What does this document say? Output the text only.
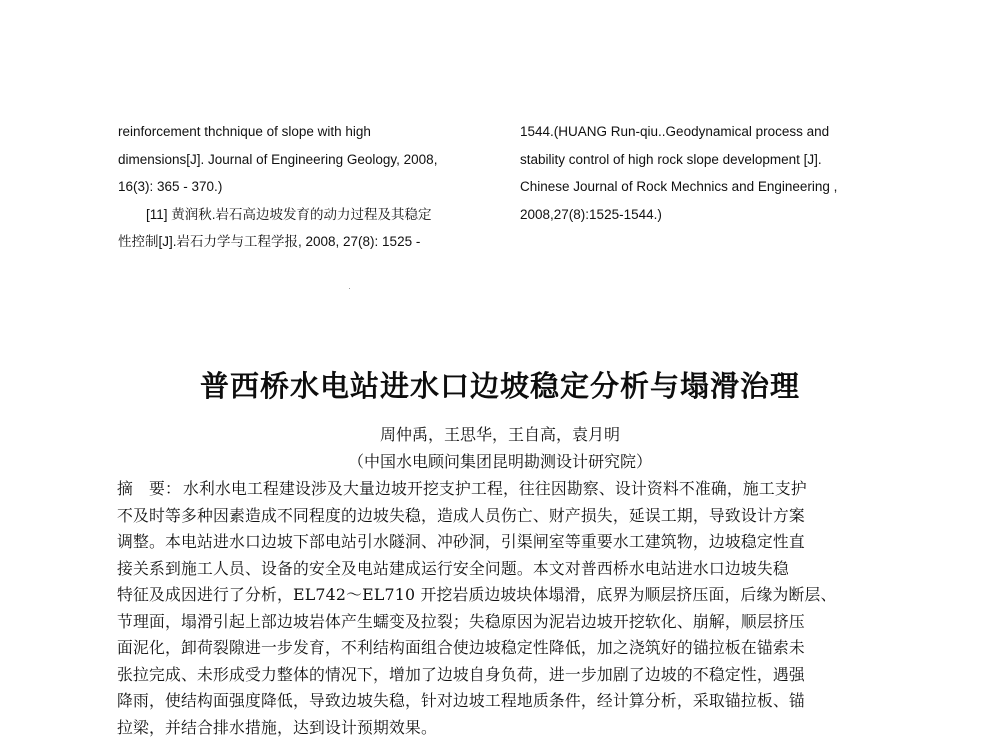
reinforcement thchnique of slope with high
dimensions[J]. Journal of Engineering Geology, 2008,
16(3): 365 - 370.)
[11] 黄润秋.岩石高边坡发育的动力过程及其稳定
性控制[J].岩石力学与工程学报, 2008, 27(8): 1525 -
1544.(HUANG Run-qiu..Geodynamical process and
stability control of high rock slope development [J].
Chinese Journal of Rock Mechnics and Engineering ,
2008,27(8):1525-1544.)
普西桥水电站进水口边坡稳定分析与塌滑治理
周仲禹，王思华，王自高，袁月明
（中国水电顾问集团昆明勘测设计研究院）
摘　要： 水利水电工程建设涉及大量边坡开挖支护工程，往往因勘察、设计资料不准确，施工支护
不及时等多种因素造成不同程度的边坡失稳，造成人员伤亡、财产损失，延误工期，导致设计方案
调整。本电站进水口边坡下部电站引水隧洞、冲砂洞，引渠闸室等重要水工建筑物，边坡稳定性直
接关系到施工人员、设备的安全及电站建成运行安全问题。本文对普西桥水电站进水口边坡失稳
特征及成因进行了分析，EL742～EL710 开挖岩质边坡块体塌滑，底界为顺层挤压面，后缘为断层、
节理面，塌滑引起上部边坡岩体产生蠕变及拉裂；失稳原因为泥岩边坡开挖软化、崩解，顺层挤压
面泥化，卸荷裂隙进一步发育，不利结构面组合使边坡稳定性降低，加之浇筑好的锚拉板在锚索未
张拉完成、未形成受力整体的情况下，增加了边坡自身负荷，进一步加剧了边坡的不稳定性，遇强
降雨，使结构面强度降低，导致边坡失稳，针对边坡工程地质条件，经计算分析，采取锚拉板、锚
拉梁，并结合排水措施，达到设计预期效果。
